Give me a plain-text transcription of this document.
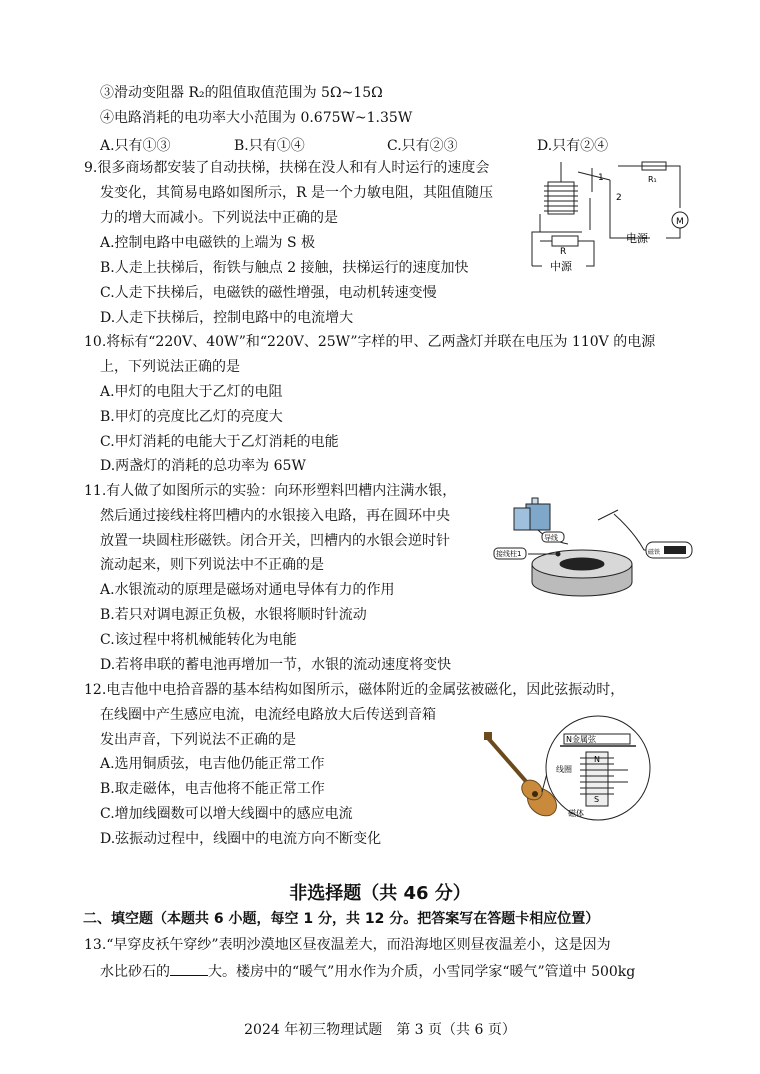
③滑动变阻器 R₂的阻值取值范围为 5Ω~15Ω
④电路消耗的电功率大小范围为 0.675W~1.35W
A.只有①③	B.只有①④	C.只有②③	D.只有②④
9.很多商场都安装了自动扶梯，扶梯在没人和有人时运行的速度会
发变化，其简易电路如图所示，R 是一个力敏电阻，其阻值随压
力的增大而减小。下列说法中正确的是
A.控制电路中电磁铁的上端为 S 极
B.人走上扶梯后，衔铁与触点 2 接触，扶梯运行的速度加快
C.人走下扶梯后，电磁铁的磁性增强，电动机转速变慢
D.人走下扶梯后，控制电路中的电流增大
R₁
R
1
2
M
电源
中源
10.将标有“220V、40W”和“220V、25W”字样的甲、乙两盏灯并联在电压为 110V 的电源
上，下列说法正确的是
A.甲灯的电阻大于乙灯的电阻
B.甲灯的亮度比乙灯的亮度大
C.甲灯消耗的电能大于乙灯消耗的电能
D.两盏灯的消耗的总功率为 65W
11.有人做了如图所示的实验：向环形塑料凹槽内注满水银，
然后通过接线柱将凹槽内的水银接入电路，再在圆环中央
放置一块圆柱形磁铁。闭合开关，凹槽内的水银会逆时针
流动起来，则下列说法中不正确的是
A.水银流动的原理是磁场对通电导体有力的作用
B.若只对调电源正负极，水银将顺时针流动
C.该过程中将机械能转化为电能
D.若将串联的蓄电池再增加一节，水银的流动速度将变快
接线柱1
导线
磁铁
12.电吉他中电拾音器的基本结构如图所示，磁体附近的金属弦被磁化，因此弦振动时，
在线圈中产生感应电流，电流经电路放大后传送到音箱
发出声音，下列说法不正确的是
A.选用铜质弦，电吉他仍能正常工作
B.取走磁体，电吉他将不能正常工作
C.增加线圈数可以增大线圈中的感应电流
D.弦振动过程中，线圈中的电流方向不断变化
N金属弦
N
S
线圈
磁体
非选择题（共 46 分）
二、填空题（本题共 6 小题，每空 1 分，共 12 分。把答案写在答题卡相应位置）
13.“早穿皮袄午穿纱”表明沙漠地区昼夜温差大，而沿海地区则昼夜温差小，这是因为
水比砂石的	大。楼房中的“暖气”用水作为介质，小雪同学家“暖气”管道中 500kg
2024 年初三物理试题　第 3 页（共 6 页）
